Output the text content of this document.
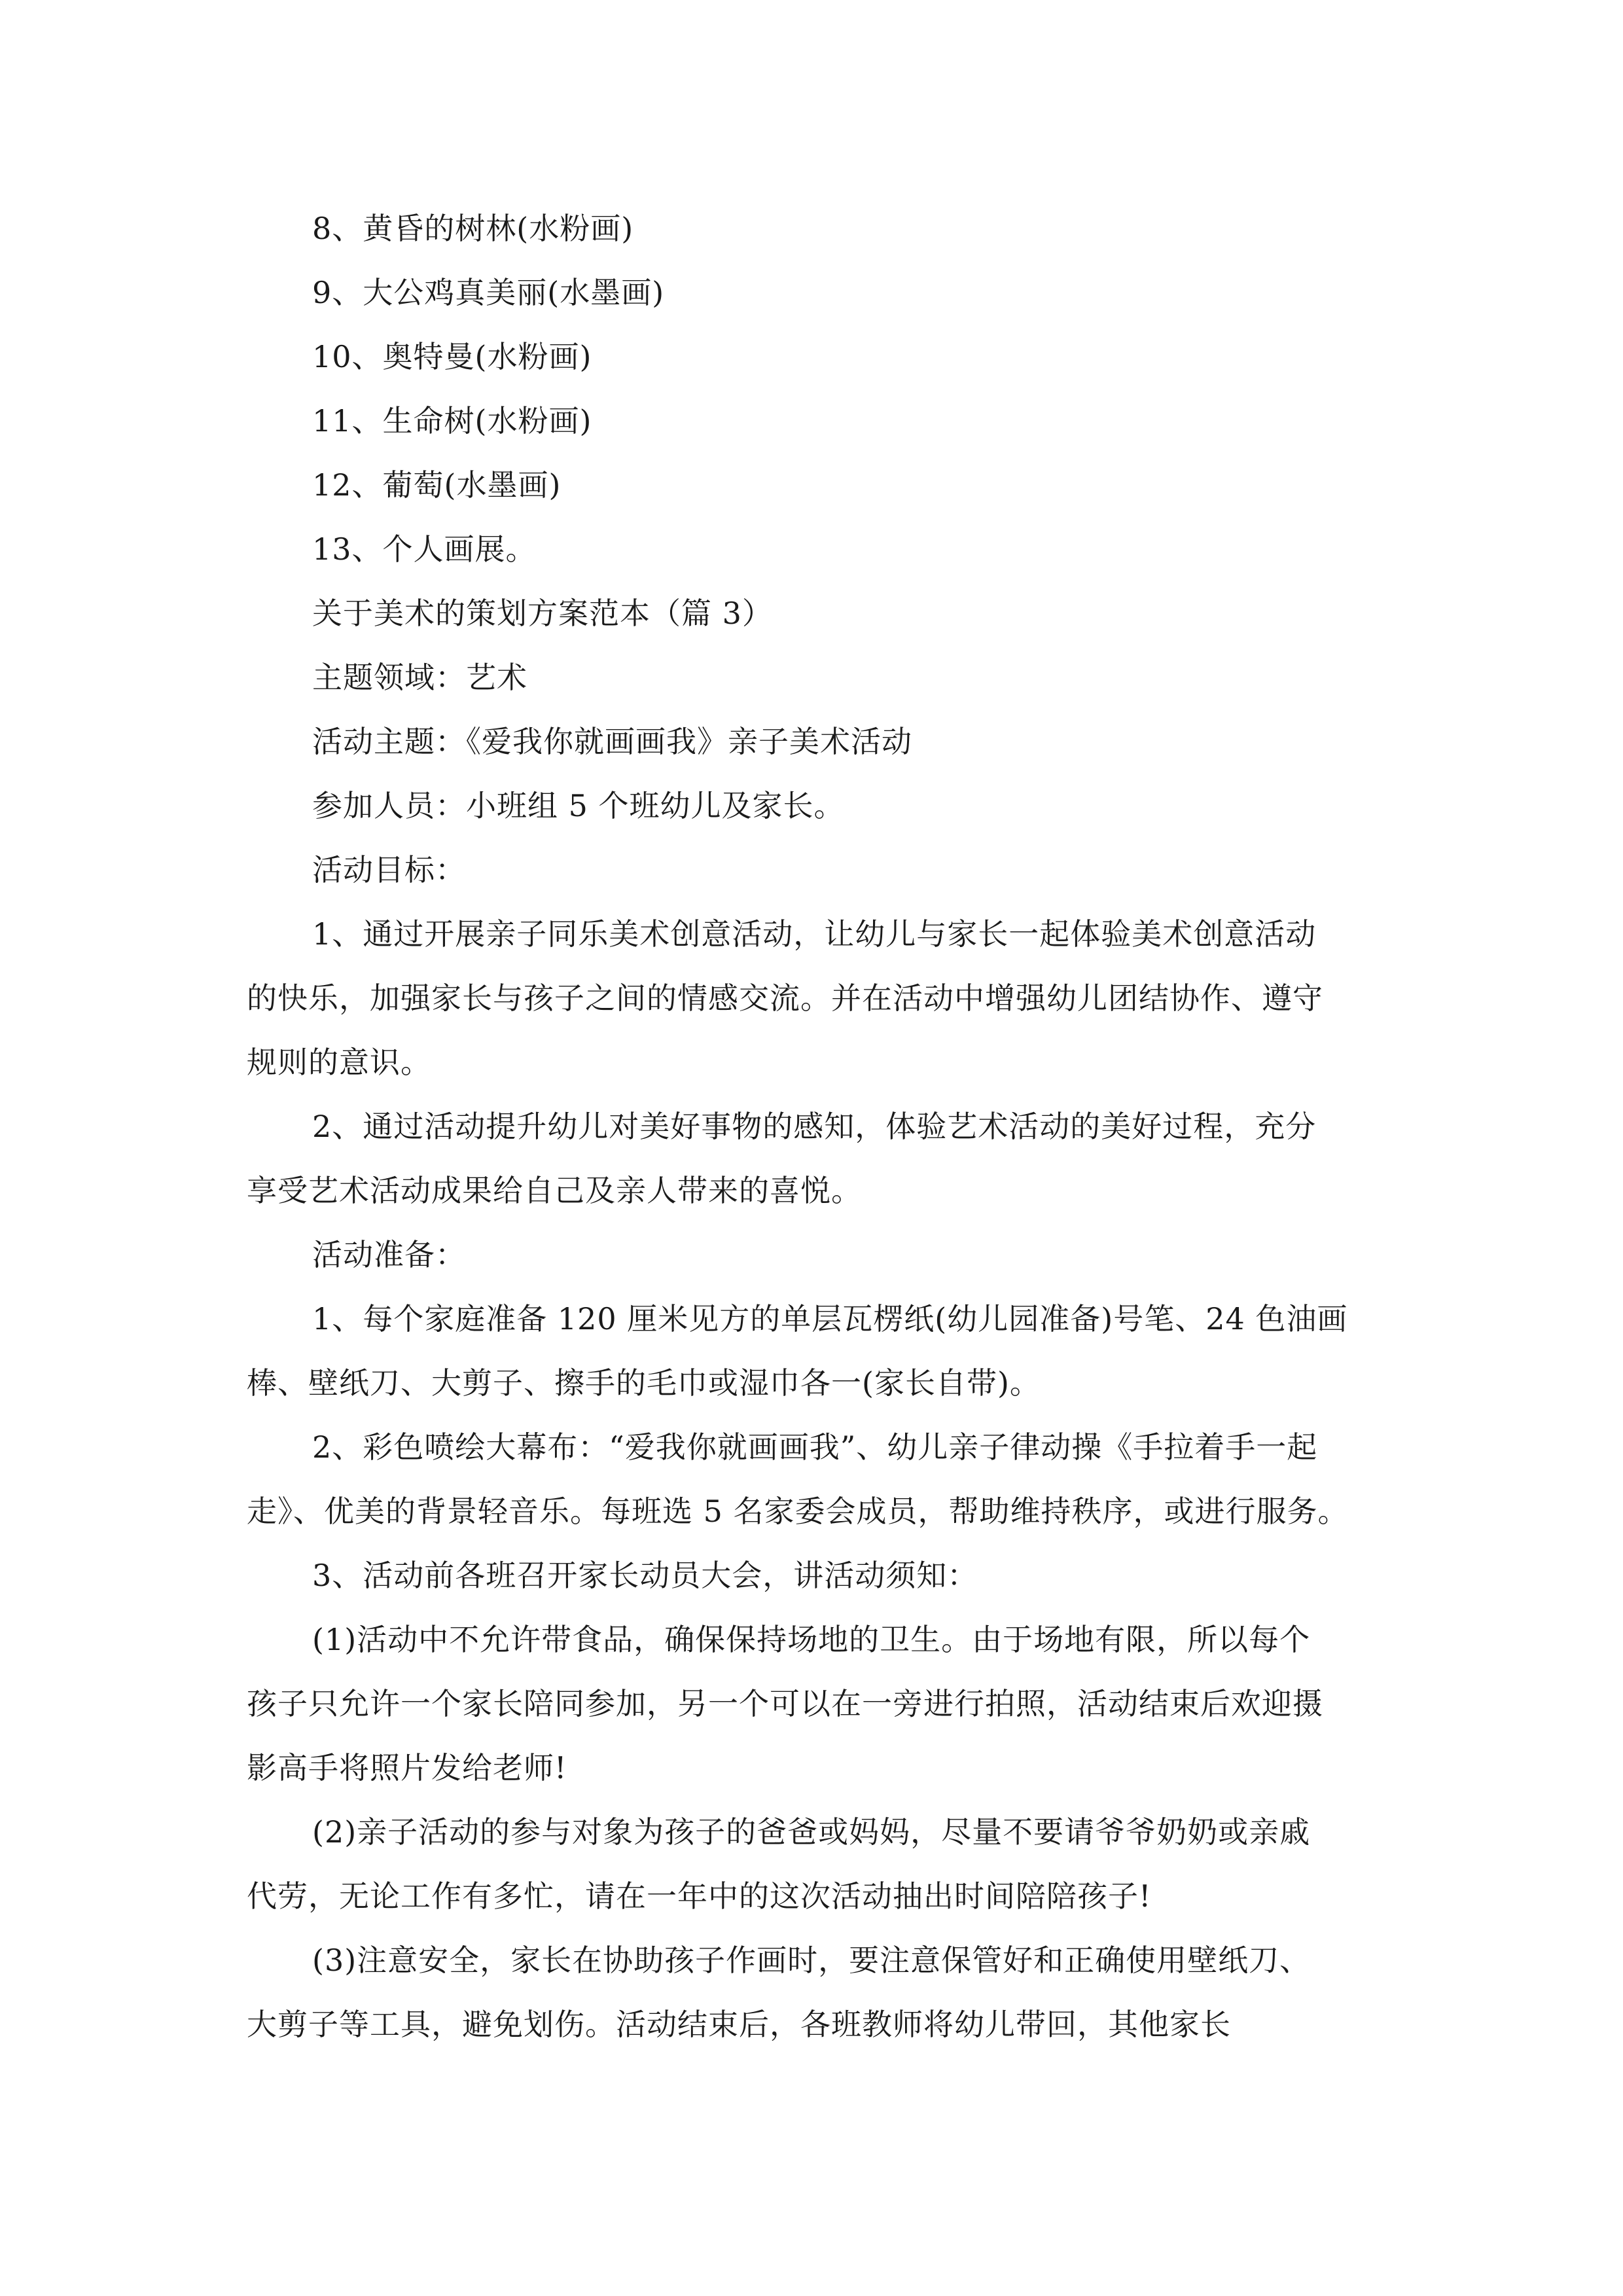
8、黄昏的树林(水粉画)
9、大公鸡真美丽(水墨画)
10、奥特曼(水粉画)
11、生命树(水粉画)
12、葡萄(水墨画)
13、个人画展。
关于美术的策划方案范本（篇 3）
主题领域：艺术
活动主题：《爱我你就画画我》亲子美术活动
参加人员：小班组 5 个班幼儿及家长。
活动目标：
1、通过开展亲子同乐美术创意活动，让幼儿与家长一起体验美术创意活动
的快乐，加强家长与孩子之间的情感交流。并在活动中增强幼儿团结协作、遵守
规则的意识。
2、通过活动提升幼儿对美好事物的感知，体验艺术活动的美好过程，充分
享受艺术活动成果给自己及亲人带来的喜悦。
活动准备：
1、每个家庭准备 120 厘米见方的单层瓦楞纸(幼儿园准备)号笔、24 色油画
棒、壁纸刀、大剪子、擦手的毛巾或湿巾各一(家长自带)。
2、彩色喷绘大幕布：“爱我你就画画我”、幼儿亲子律动操《手拉着手一起
走》、优美的背景轻音乐。每班选 5 名家委会成员，帮助维持秩序，或进行服务。
3、活动前各班召开家长动员大会，讲活动须知：
(1)活动中不允许带食品，确保保持场地的卫生。由于场地有限，所以每个
孩子只允许一个家长陪同参加，另一个可以在一旁进行拍照，活动结束后欢迎摄
影高手将照片发给老师!
(2)亲子活动的参与对象为孩子的爸爸或妈妈，尽量不要请爷爷奶奶或亲戚
代劳，无论工作有多忙，请在一年中的这次活动抽出时间陪陪孩子!
(3)注意安全，家长在协助孩子作画时，要注意保管好和正确使用壁纸刀、
大剪子等工具，避免划伤。活动结束后，各班教师将幼儿带回，其他家长
